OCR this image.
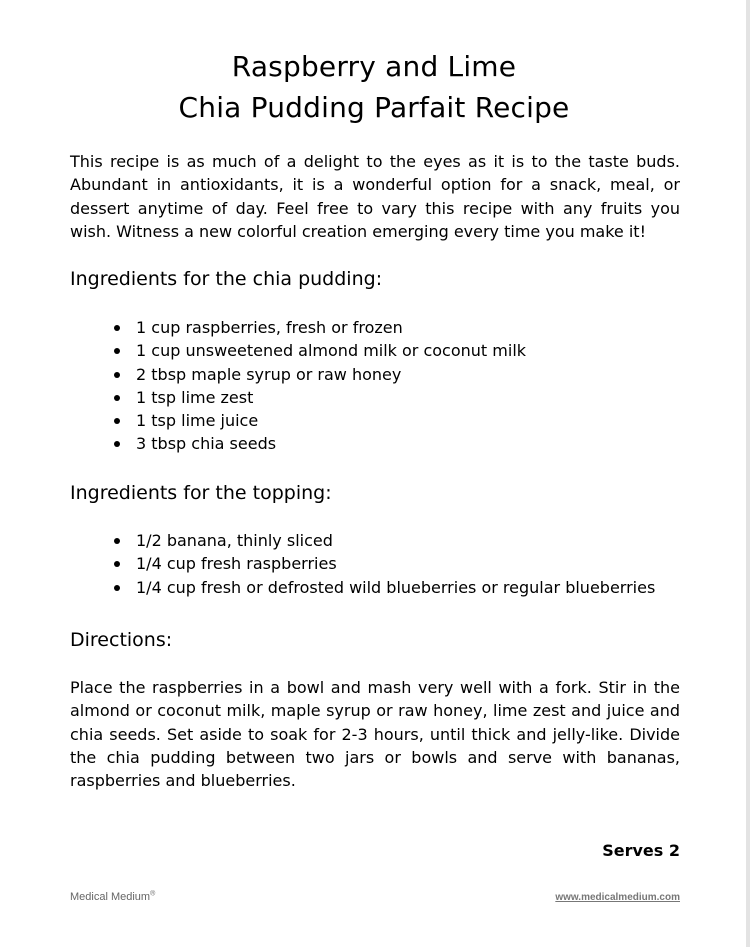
Raspberry and Lime
Chia Pudding Parfait Recipe

This recipe is as much of a delight to the eyes as it is to the taste buds. Abundant in antioxidants, it is a wonderful option for a snack, meal, or dessert anytime of day. Feel free to vary this recipe with any fruits you wish. Witness a new colorful creation emerging every time you make it!

Ingredients for the chia pudding:
1 cup raspberries, fresh or frozen
1 cup unsweetened almond milk or coconut milk
2 tbsp maple syrup or raw honey
1 tsp lime zest
1 tsp lime juice
3 tbsp chia seeds
Ingredients for the topping:
1/2 banana, thinly sliced
1/4 cup fresh raspberries
1/4 cup fresh or defrosted wild blueberries or regular blueberries
Directions:

Place the raspberries in a bowl and mash very well with a fork. Stir in the almond or coconut milk, maple syrup or raw honey, lime zest and juice and chia seeds. Set aside to soak for 2-3 hours, until thick and jelly-like. Divide the chia pudding between two jars or bowls and serve with bananas, raspberries and blueberries.

Serves 2
Medical Medium®	www.medicalmedium.com
